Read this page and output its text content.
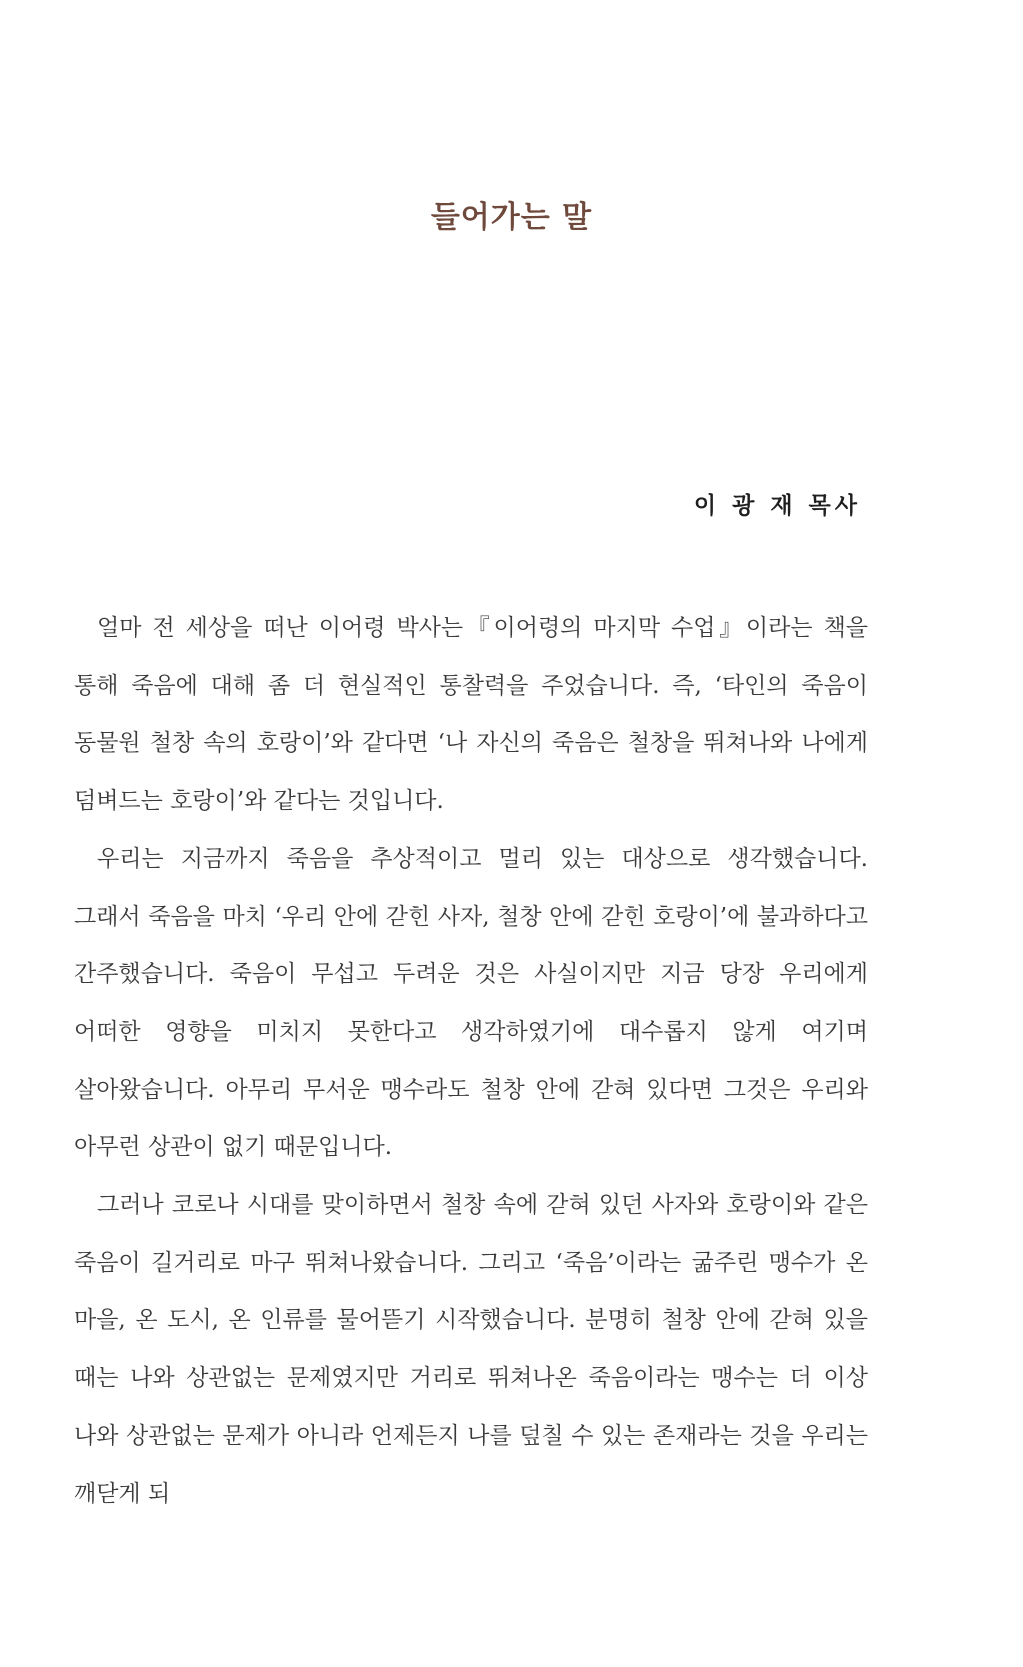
들어가는 말
이 광 재 목사

얼마 전 세상을 떠난 이어령 박사는『이어령의 마지막 수업』이라는 책을 통해 죽음에 대해 좀 더 현실적인 통찰력을 주었습니다. 즉, ‘타인의 죽음이 동물원 철창 속의 호랑이’와 같다면 ‘나 자신의 죽음은 철창을 뛰쳐나와 나에게 덤벼드는 호랑이’와 같다는 것입니다.

우리는 지금까지 죽음을 추상적이고 멀리 있는 대상으로 생각했습니다. 그래서 죽음을 마치 ‘우리 안에 갇힌 사자, 철창 안에 갇힌 호랑이’에 불과하다고 간주했습니다. 죽음이 무섭고 두려운 것은 사실이지만 지금 당장 우리에게 어떠한 영향을 미치지 못한다고 생각하였기에 대수롭지 않게 여기며 살아왔습니다. 아무리 무서운 맹수라도 철창 안에 갇혀 있다면 그것은 우리와 아무런 상관이 없기 때문입니다.

그러나 코로나 시대를 맞이하면서 철창 속에 갇혀 있던 사자와 호랑이와 같은 죽음이 길거리로 마구 뛰쳐나왔습니다. 그리고 ‘죽음’이라는 굶주린 맹수가 온 마을, 온 도시, 온 인류를 물어뜯기 시작했습니다. 분명히 철창 안에 갇혀 있을 때는 나와 상관없는 문제였지만 거리로 뛰쳐나온 죽음이라는 맹수는 더 이상 나와 상관없는 문제가 아니라 언제든지 나를 덮칠 수 있는 존재라는 것을 우리는 깨닫게 되
